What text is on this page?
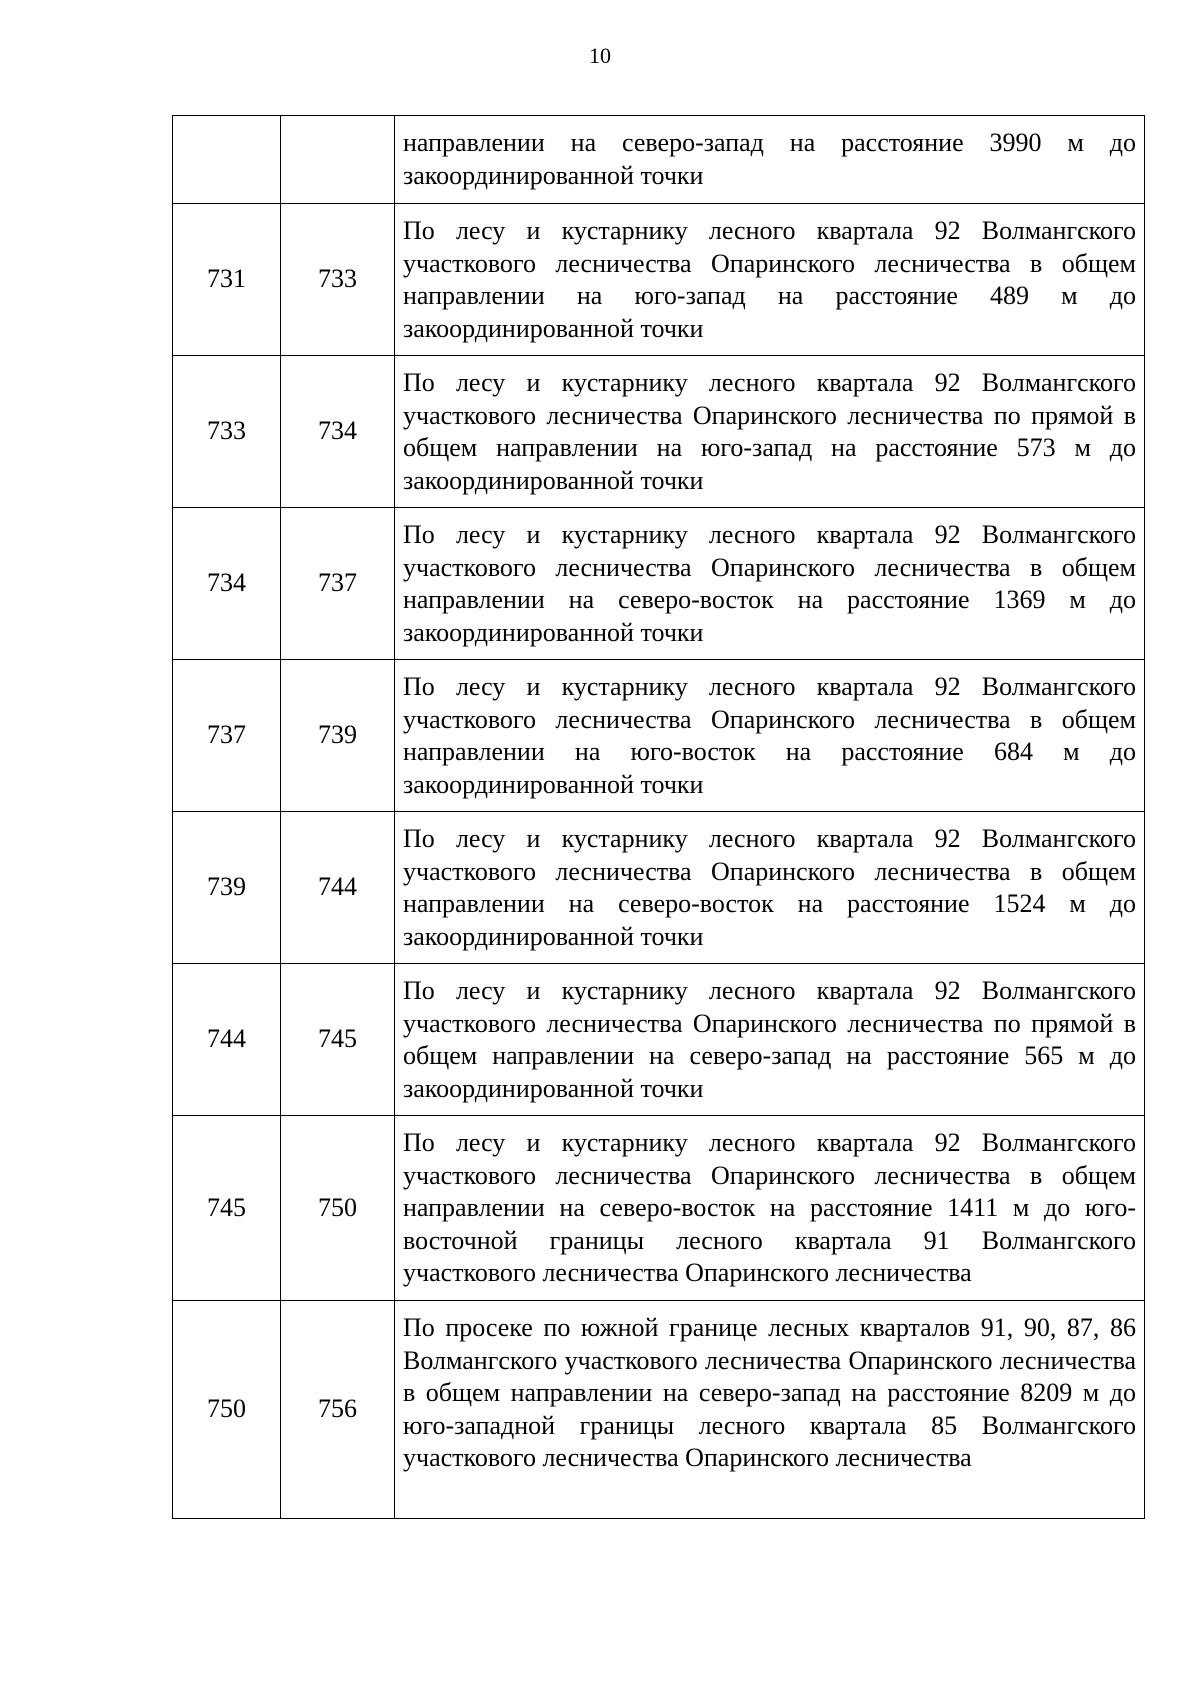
10
		направлении на северо-запад на расстояние 3990 м до закоординированной точки
731	733	По лесу и кустарнику лесного квартала 92 Волмангского участкового лесничества Опаринского лесничества в общем направлении на юго-запад на расстояние 489 м до закоординированной точки
733	734	По лесу и кустарнику лесного квартала 92 Волмангского участкового лесничества Опаринского лесничества по прямой в общем направлении на юго-запад на расстояние 573 м до закоординированной точки
734	737	По лесу и кустарнику лесного квартала 92 Волмангского участкового лесничества Опаринского лесничества в общем направлении на северо-восток на расстояние 1369 м до закоординированной точки
737	739	По лесу и кустарнику лесного квартала 92 Волмангского участкового лесничества Опаринского лесничества в общем направлении на юго-восток на расстояние 684 м до закоординированной точки
739	744	По лесу и кустарнику лесного квартала 92 Волмангского участкового лесничества Опаринского лесничества в общем направлении на северо-восток на расстояние 1524 м до закоординированной точки
744	745	По лесу и кустарнику лесного квартала 92 Волмангского участкового лесничества Опаринского лесничества по прямой в общем направлении на северо-запад на расстояние 565 м до закоординированной точки
745	750	По лесу и кустарнику лесного квартала 92 Волмангского участкового лесничества Опаринского лесничества в общем направлении на северо-восток на расстояние 1411 м до юго-восточной границы лесного квартала 91 Волмангского участкового лесничества Опаринского лесничества
750	756	По просеке по южной границе лесных кварталов 91, 90, 87, 86 Волмангского участкового лесничества Опаринского лесничества в общем направлении на северо-запад на расстояние 8209 м до юго-западной границы лесного квартала 85 Волмангского участкового лесничества Опаринского лесничества
